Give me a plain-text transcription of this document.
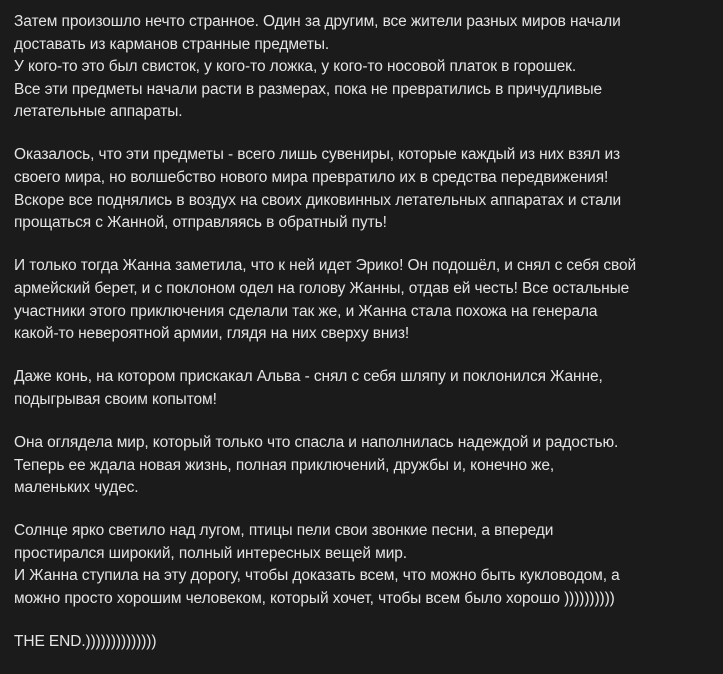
Затем произошло нечто странное. Один за другим, все жители разных миров начали
доставать из карманов странные предметы.
У кого-то это был свисток, у кого-то ложка, у кого-то носовой платок в горошек.
Все эти предметы начали расти в размерах, пока не превратились в причудливые
летательные аппараты.
Оказалось, что эти предметы - всего лишь сувениры, которые каждый из них взял из
своего мира, но волшебство нового мира превратило их в средства передвижения!
Вскоре все поднялись в воздух на своих диковинных летательных аппаратах и стали
прощаться с Жанной, отправляясь в обратный путь!
И только тогда Жанна заметила, что к ней идет Эрико! Он подошёл, и снял с себя свой
армейский берет, и с поклоном одел на голову Жанны, отдав ей честь! Все остальные
участники этого приключения сделали так же, и Жанна стала похожа на генерала
какой-то невероятной армии, глядя на них сверху вниз!
Даже конь, на котором прискакал Альва - снял с себя шляпу и поклонился Жанне,
подыгрывая своим копытом!
Она оглядела мир, который только что спасла и наполнилась надеждой и радостью.
Теперь ее ждала новая жизнь, полная приключений, дружбы и, конечно же,
маленьких чудес.
Солнце ярко светило над лугом, птицы пели свои звонкие песни, а впереди
простирался широкий, полный интересных вещей мир.
И Жанна ступила на эту дорогу, чтобы доказать всем, что можно быть кукловодом, а
можно просто хорошим человеком, который хочет, чтобы всем было хорошо ))))))))))
THE END.))))))))))))))
